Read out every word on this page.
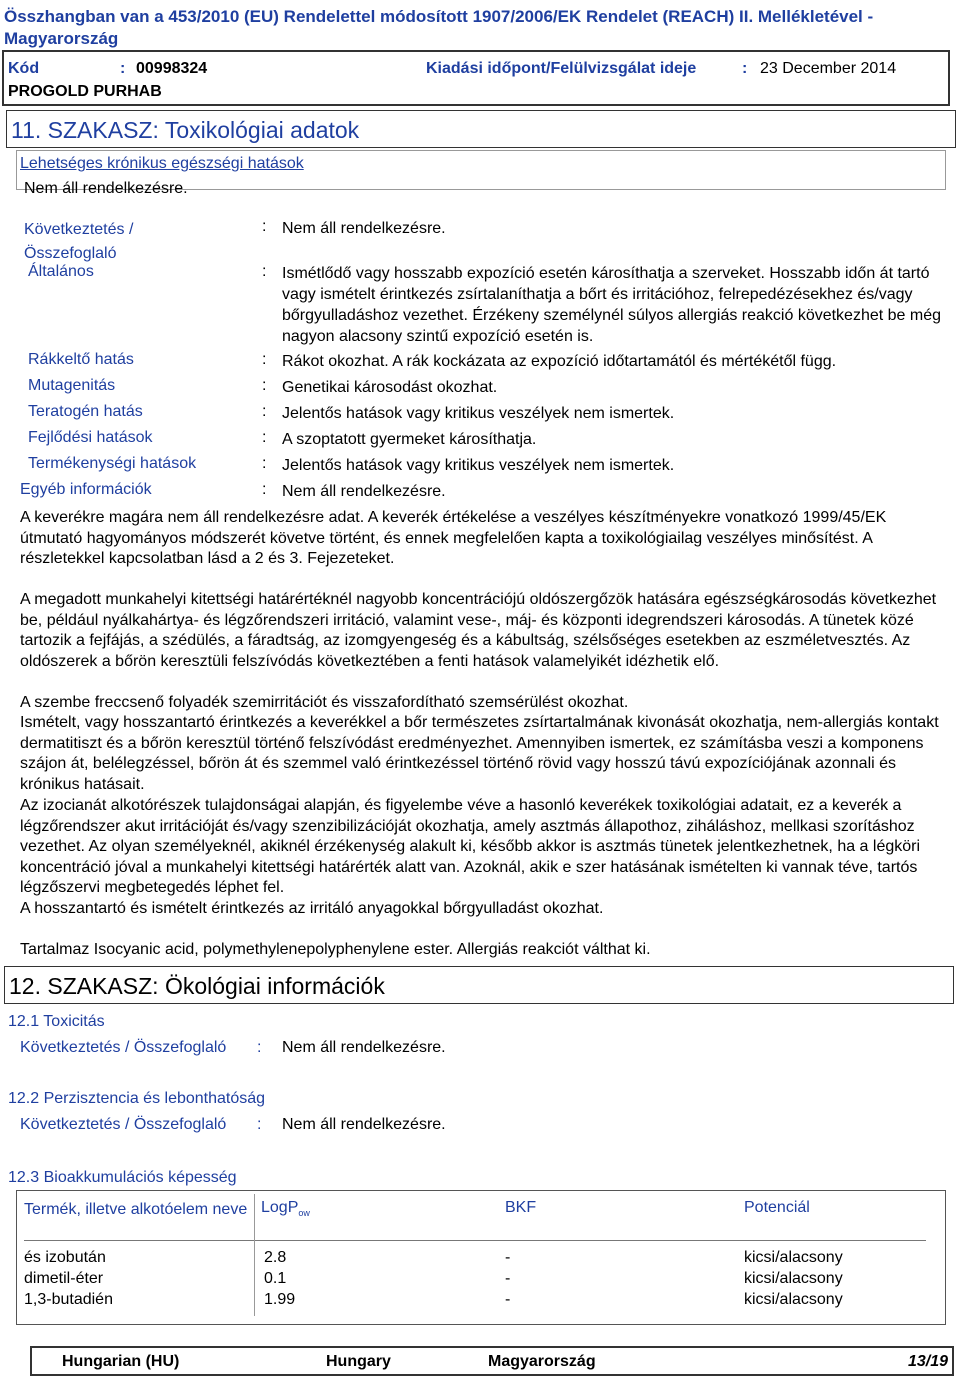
Összhangban van a 453/2010 (EU) Rendelettel módosított 1907/2006/EK Rendelet (REACH) II. Mellékletével - Magyarország
Kód	: 00998324	Kiadási időpont/Felülvizsgálat ideje	: 23 December 2014
PROGOLD PURHAB
11. SZAKASZ: Toxikológiai adatok
Lehetséges krónikus egészségi hatások
Nem áll rendelkezésre.
Következtetés / Összefoglaló
: Nem áll rendelkezésre.
Általános	: Ismétlődő vagy hosszabb expozíció esetén károsíthatja a szerveket. Hosszabb időn át tartó vagy ismételt érintkezés zsírtalaníthatja a bőrt és irritációhoz, felrepedézésekhez és/vagy bőrgyulladáshoz vezethet. Érzékeny személynél súlyos allergiás reakció következhet be még nagyon alacsony szintű expozíció esetén is.
Rákkeltő hatás	: Rákot okozhat. A rák kockázata az expozíció időtartamától és mértékétől függ.
Mutagenitás	: Genetikai károsodást okozhat.
Teratogén hatás	: Jelentős hatások vagy kritikus veszélyek nem ismertek.
Fejlődési hatások	: A szoptatott gyermeket károsíthatja.
Termékenységi hatások	: Jelentős hatások vagy kritikus veszélyek nem ismertek.
Egyéb információk	: Nem áll rendelkezésre.
A keverékre magára nem áll rendelkezésre adat. A keverék értékelése a veszélyes készítményekre vonatkozó 1999/45/EK útmutató hagyományos módszerét követve történt, és ennek megfelelően kapta a toxikológiailag veszélyes minősítést. A részletekkel kapcsolatban lásd a 2 és 3. Fejezeteket.
A megadott munkahelyi kitettségi határértéknél nagyobb koncentrációjú oldószergőzök hatására egészségkárosodás következhet be, például nyálkahártya- és légzőrendszeri irritáció, valamint vese-, máj- és központi idegrendszeri károsodás. A tünetek közé tartozik a fejfájás, a szédülés, a fáradtság, az izomgyengeség és a kábultság, szélsőséges esetekben az eszméletvesztés. Az oldószerek a bőrön keresztüli felszívódás következtében a fenti hatások valamelyikét idézhetik elő.
A szembe freccsenő folyadék szemirritációt és visszafordítható szemsérülést okozhat.
Ismételt, vagy hosszantartó érintkezés a keverékkel a bőr természetes zsírtartalmának kivonását okozhatja, nem-allergiás kontakt dermatitiszt és a bőrön keresztül történő felszívódást eredményezhet. Amennyiben ismertek, ez számításba veszi a komponens szájon át, belélegzéssel, bőrön át és szemmel való érintkezéssel történő rövid vagy hosszú távú expozíciójának azonnali és krónikus hatásait.
Az izocianát alkotórészek tulajdonságai alapján, és figyelembe véve a hasonló keverékek toxikológiai adatait, ez a keverék a légzőrendszer akut irritációját és/vagy szenzibilizációját okozhatja, amely asztmás állapothoz, ziháláshoz, mellkasi szorításhoz vezethet. Az olyan személyeknél, akiknél érzékenység alakult ki, később akkor is asztmás tünetek jelentkezhetnek, ha a légköri koncentráció jóval a munkahelyi kitettségi határérték alatt van. Azoknál, akik e szer hatásának ismételten ki vannak téve, tartós légzőszervi megbetegedés léphet fel.
A hosszantartó és ismételt érintkezés az irritáló anyagokkal bőrgyulladást okozhat.
Tartalmaz Isocyanic acid, polymethylenepolyphenylene ester. Allergiás reakciót válthat ki.
12. SZAKASZ: Ökológiai információk
12.1 Toxicitás
Következtetés / Összefoglaló : Nem áll rendelkezésre.
12.2 Perzisztencia és lebonthatóság
Következtetés / Összefoglaló : Nem áll rendelkezésre.
12.3 Bioakkumulációs képesség
Termék, illetve alkotóelem neve LogP$_{ow}$	BKF	Potenciál
és izobután	2.8	-	kicsi/alacsony
dimetil-éter	0.1	-	kicsi/alacsony
1,3-butadién	1.99	-	kicsi/alacsony
Hungarian (HU)	Hungary	Magyarország	13/19
